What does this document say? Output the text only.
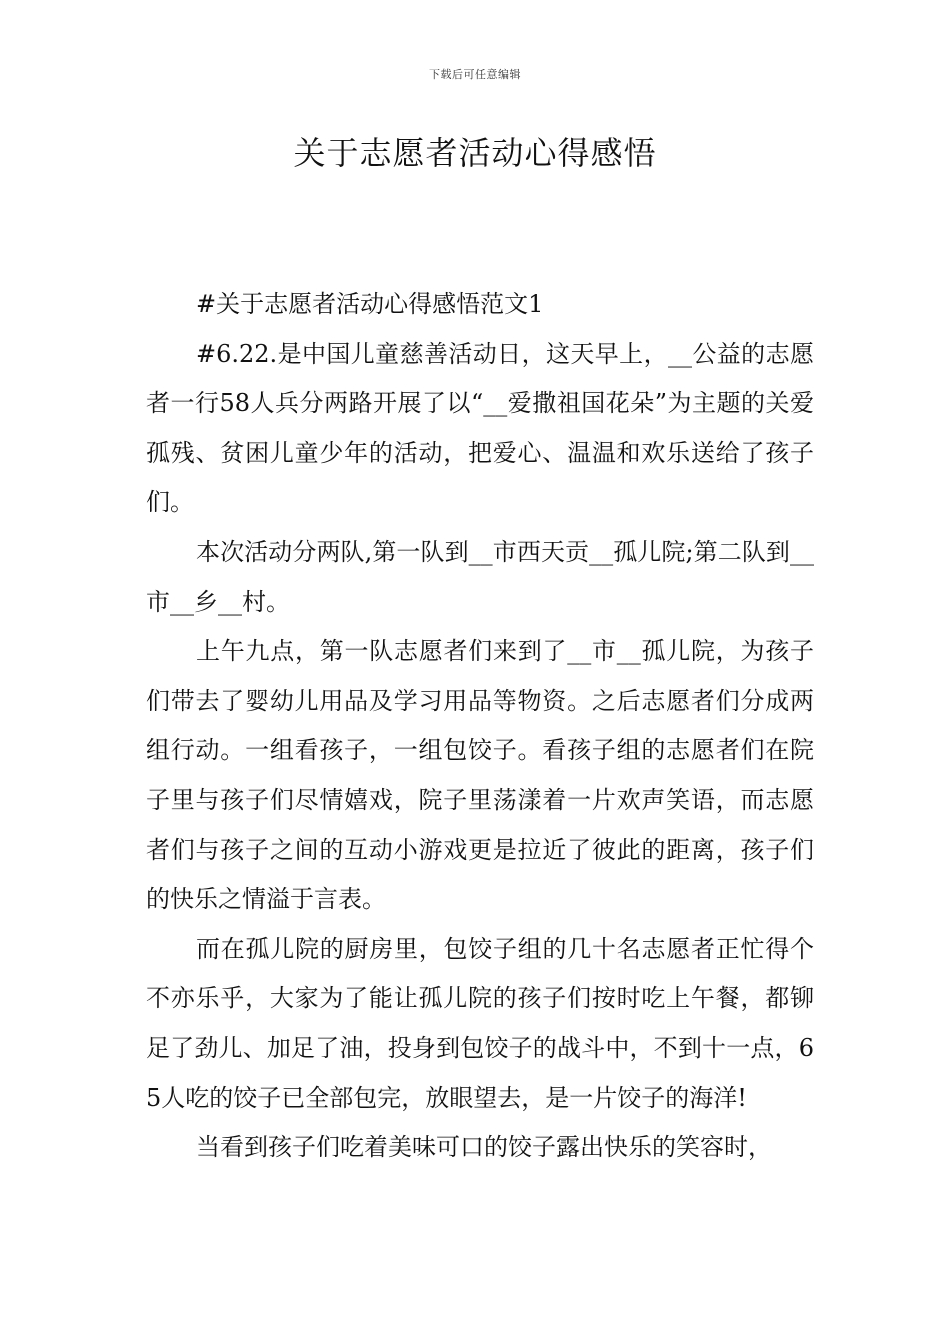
下载后可任意编辑
关于志愿者活动心得感悟

#关于志愿者活动心得感悟范文1

#6.22.是中国儿童慈善活动日，这天早上，__公益的志愿者一行58人兵分两路开展了以“__爱撒祖国花朵”为主题的关爱孤残、贫困儿童少年的活动，把爱心、温温和欢乐送给了孩子们。

本次活动分两队,第一队到__市西天贡__孤儿院;第二队到__市__乡__村。

上午九点，第一队志愿者们来到了__市__孤儿院，为孩子们带去了婴幼儿用品及学习用品等物资。之后志愿者们分成两组行动。一组看孩子，一组包饺子。看孩子组的志愿者们在院子里与孩子们尽情嬉戏，院子里荡漾着一片欢声笑语，而志愿者们与孩子之间的互动小游戏更是拉近了彼此的距离，孩子们的快乐之情溢于言表。

而在孤儿院的厨房里，包饺子组的几十名志愿者正忙得个不亦乐乎，大家为了能让孤儿院的孩子们按时吃上午餐，都铆足了劲儿、加足了油，投身到包饺子的战斗中，不到十一点，65人吃的饺子已全部包完，放眼望去，是一片饺子的海洋!

当看到孩子们吃着美味可口的饺子露出快乐的笑容时，
